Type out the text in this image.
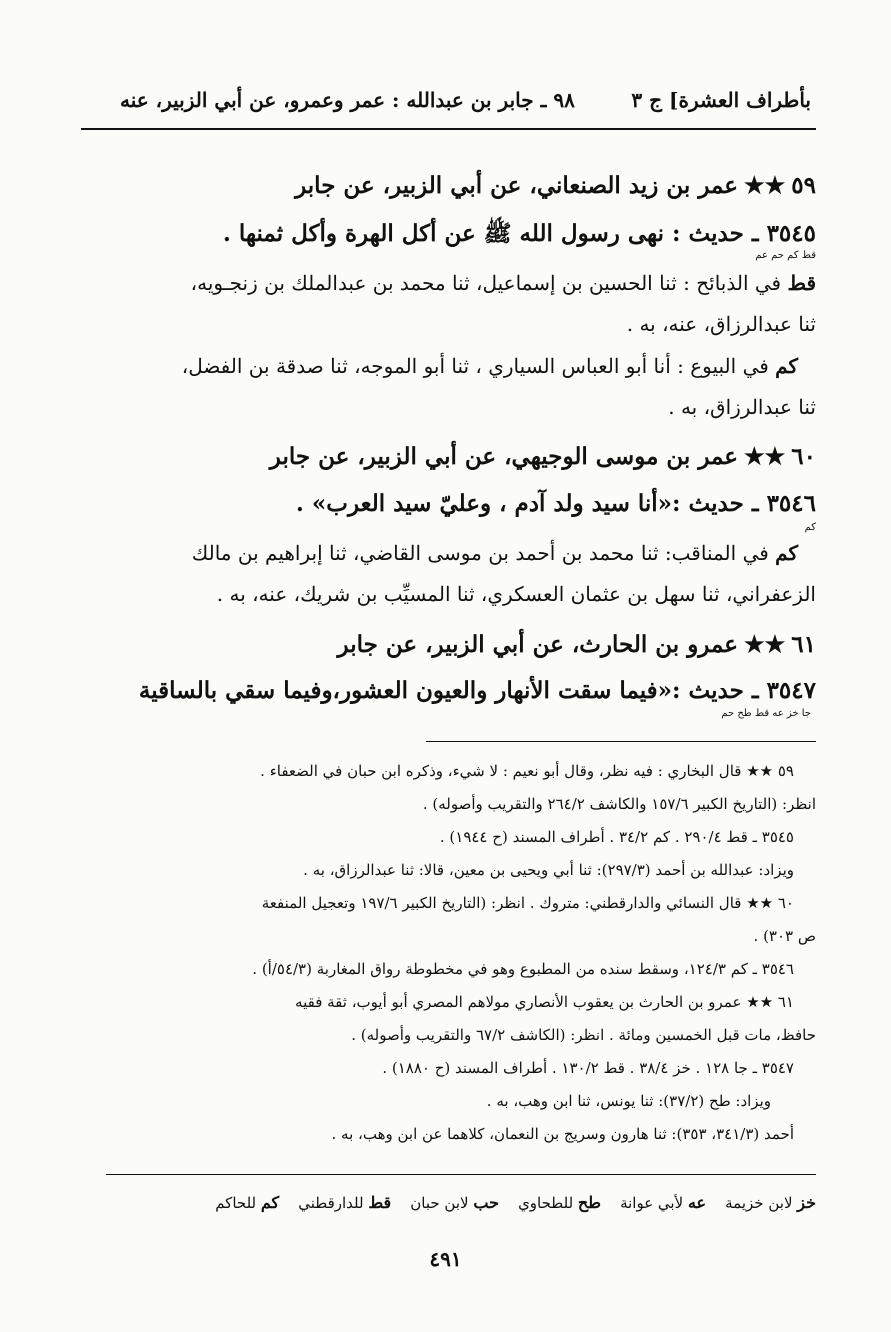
بأطراف العشرة] ج ٣
٩٨ ـ جابر بن عبدالله : عمر وعمرو، عن أبي الزبير، عنه
٥٩★★عمر بن زيد الصنعاني، عن أبي الزبير، عن جابر
٣٥٤٥ ـ حديث : نهى رسول الله ﷺ عن أكل الهرة وأكل ثمنها .
قط كم حم عم
قط في الذبائح : ثنا الحسين بن إسماعيل، ثنا محمد بن عبدالملك بن زنجـويه،
ثنا عبدالرزاق، عنه، به .
كم في البيوع : أنا أبو العباس السياري ، ثنا أبو الموجه، ثنا صدقة بن الفضل،
ثنا عبدالرزاق، به .
٦٠★★عمر بن موسى الوجيهي، عن أبي الزبير، عن جابر
٣٥٤٦ ـ حديث :«أنا سيد ولد آدم ، وعليّ سيد العرب» .
كم
كم في المناقب: ثنا محمد بن أحمد بن موسى القاضي، ثنا إبراهيم بن مالك
الزعفراني، ثنا سهل بن عثمان العسكري، ثنا المسيِّب بن شريك، عنه، به .
٦١★★عمرو بن الحارث، عن أبي الزبير، عن جابر
٣٥٤٧ ـ حديث :«فيما سقت الأنهار والعيون العشور،وفيما سقي بالساقية
جا خز عه قط طح حم
٥٩ ★★ قال البخاري : فيه نظر، وقال أبو نعيم : لا شيء، وذكره ابن حبان في الضعفاء .
انظر: (التاريخ الكبير ١٥٧/٦ والكاشف ٢٦٤/٢ والتقريب وأصوله) .
٣٥٤٥ ـ قط ٢٩٠/٤ . كم ٣٤/٢ . أطراف المسند (ح ١٩٤٤) .
ويزاد: عبدالله بن أحمد (٢٩٧/٣): ثنا أبي ويحيى بن معين، قالا: ثنا عبدالرزاق، به .
٦٠ ★★ قال النسائي والدارقطني: متروك . انظر: (التاريخ الكبير ١٩٧/٦ وتعجيل المنفعة
ص ٣٠٣) .
٣٥٤٦ ـ كم ١٢٤/٣، وسقط سنده من المطبوع وهو في مخطوطة رواق المغاربة (٥٤/٣/أ) .
٦١ ★★ عمرو بن الحارث بن يعقوب الأنصاري مولاهم المصري أبو أيوب، ثقة فقيه
حافظ، مات قبل الخمسين ومائة . انظر: (الكاشف ٦٧/٢ والتقريب وأصوله) .
٣٥٤٧ ـ جا ١٢٨ . خز ٣٨/٤ . قط ١٣٠/٢ . أطراف المسند (ح ١٨٨٠) .
ويزاد: طح (٣٧/٢): ثنا يونس، ثنا ابن وهب، به .
أحمد (٣٤١/٣، ٣٥٣): ثنا هارون وسريج بن النعمان، كلاهما عن ابن وهب، به .
خز لابن خزيمة    عه لأبي عوانة    طح للطحاوي    حب لابن حبان    قط للدارقطني    كم للحاكم
٤٩١
